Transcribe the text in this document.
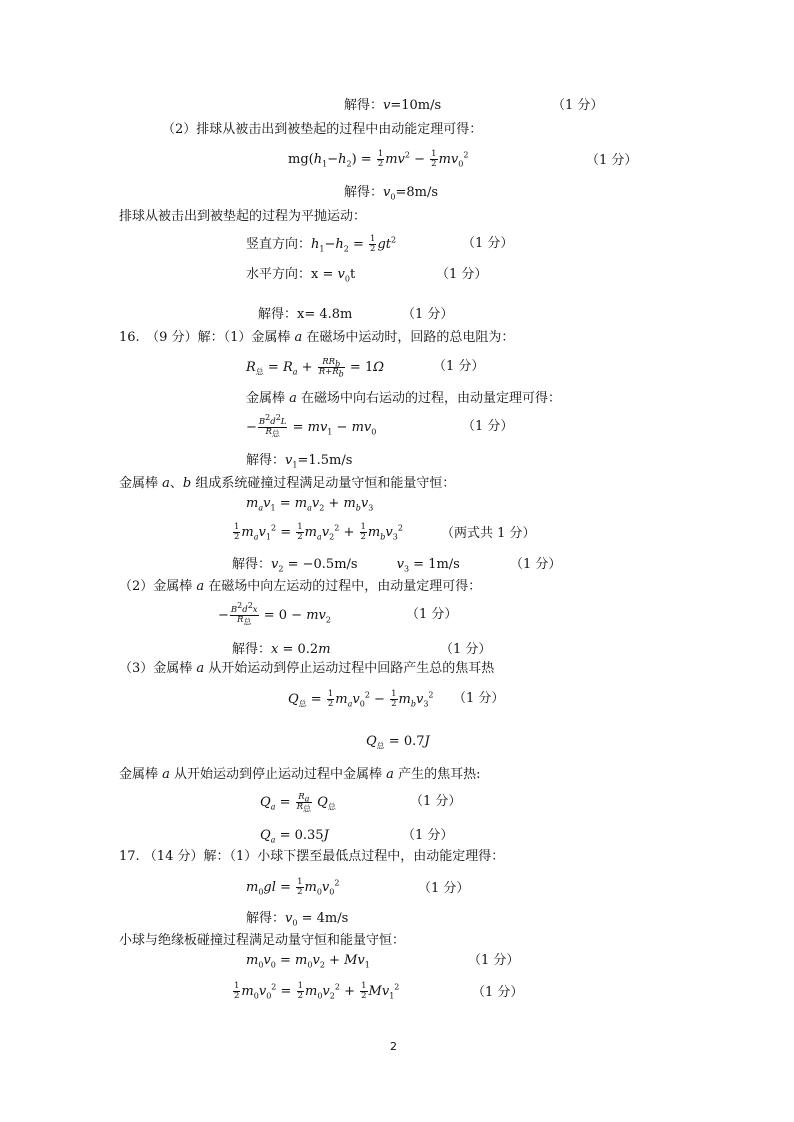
解得：v=10m/s	（1 分）
（2）排球从被击出到被垫起的过程中由动能定理可得：
$mg(h_1-h_2) = \frac{1}{2} mv^2 - \frac{1}{2} mv_0^2$	（1 分）
解得：$v_0=8m/s$
排球从被击出到被垫起的过程为平抛运动：
竖直方向：$h_1-h_2 = \frac{1}{2} gt^2$	（1 分）
水平方向：$x = v_0t$	（1 分）
解得：x= 4.8m	（1 分）
16.　（9 分）解：（1）金属棒 a 在磁场中运动时，回路的总电阻为：
$R_总 = R_a + RR_b$
$R+R_b = 1\Omega$	（1 分）
金属棒 a 在磁场中向右运动的过程，由动量定理可得：
− $B^2d^2L$
$R_总 = mv_1 - mv_0$	（1 分）
解得：$v_1=1.5m/s$
金属棒 a、b 组成系统碰撞过程满足动量守恒和能量守恒：
$m_av_1 = m_av_2 + m_bv_3$
$\frac{1}{2} m_av_1^2 = \frac{1}{2} m_av_2^2 + \frac{1}{2} m_bv_3^2$	（两式共 1 分）
解得：$v_2 = -0.5m/s$　　　$v_3 = 1m/s$	（1 分）
（2）金属棒 a 在磁场中向左运动的过程中，由动量定理可得：
− $B^2d^2x$
$R_总 = 0 - mv_2$	（1 分）
解得：x = 0.2m	（1 分）
（3）金属棒 a 从开始运动到停止运动过程中回路产生总的焦耳热
$Q_总 = \frac{1}{2} m_av_0^2 - \frac{1}{2} m_bv_3^2$ （1 分）
$Q_总 = 0.7J$
金属棒 a 从开始运动到停止运动过程中金属棒 a 产生的焦耳热:
$Q_a = R_a$
$R_总$ $Q_总$	（1 分）
$Q_a = 0.35J$	（1 分）
17. （14 分）解：（1）小球下摆至最低点过程中，由动能定理得：
$m_0gl = \frac{1}{2} m_0v_0^2$	（1 分）
解得：$v_0 = 4m/s$
小球与绝缘板碰撞过程满足动量守恒和能量守恒：
$m_0v_0 = m_0v_2 + Mv_1$	（1 分）
$\frac{1}{2} m_0v_0^2 = \frac{1}{2} m_0v_2^2 + \frac{1}{2} Mv_1^2$	（1 分）
2
